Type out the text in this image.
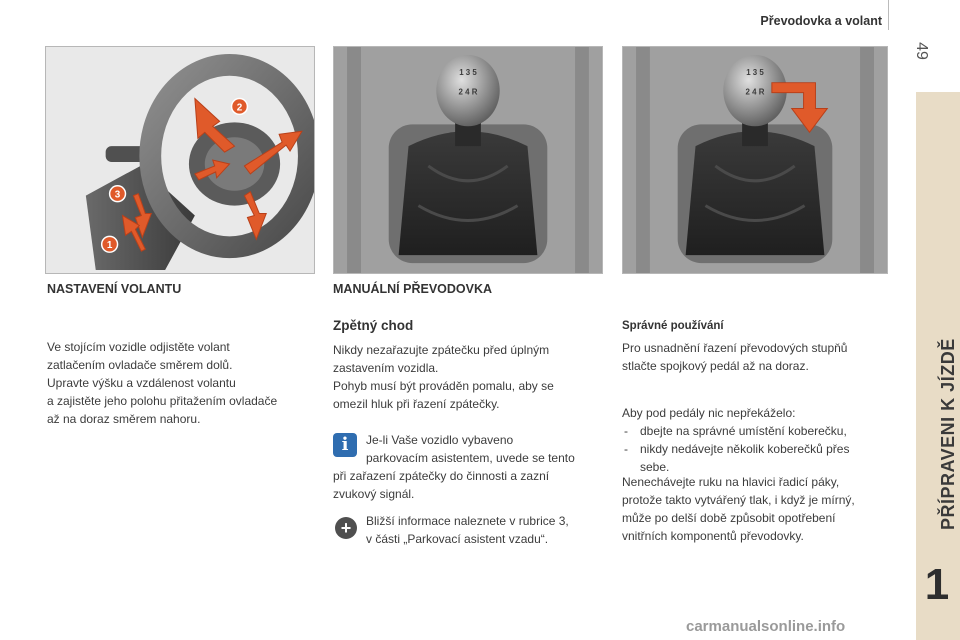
Převodovka a volant
49
PŘÍPRAVENI K JÍZDĚ
1
2
3
1
1 3 5
2 4 R
1 3 5
2 4 R
NASTAVENÍ VOLANTU	MANUÁLNÍ PŘEVODOVKA

Ve stojícím vozidle odjistěte volant

zatlačením ovladače směrem dolů.

Upravte výšku a vzdálenost volantu

a zajistěte jeho polohu přitažením ovladače

až na doraz směrem nahoru.

Zpětný chod

Nikdy nezařazujte zpátečku před úplným

zastavením vozidla.

Pohyb musí být prováděn pomalu, aby se

omezil hluk při řazení zpátečky.

i	Je-li Vaše vozidlo vybaveno

parkovacím asistentem, uvede se tento

při zařazení zpátečky do činnosti a zazní

zvukový signál.

+	Bližší informace naleznete v rubrice 3,

v části „Parkovací asistent vzadu“.

Správné používání

Pro usnadnění řazení převodových stupňů

stlačte spojkový pedál až na doraz.

Aby pod pedály nic nepřekáželo:

- dbejte na správné umístění koberečku,
- nikdy nedávejte několik koberečků přes
sebe.

Nenechávejte ruku na hlavici řadicí páky,

protože takto vytvářený tlak, i když je mírný,

může po delší době způsobit opotřebení

vnitřních komponentů převodovky.

carmanualsonline.info
